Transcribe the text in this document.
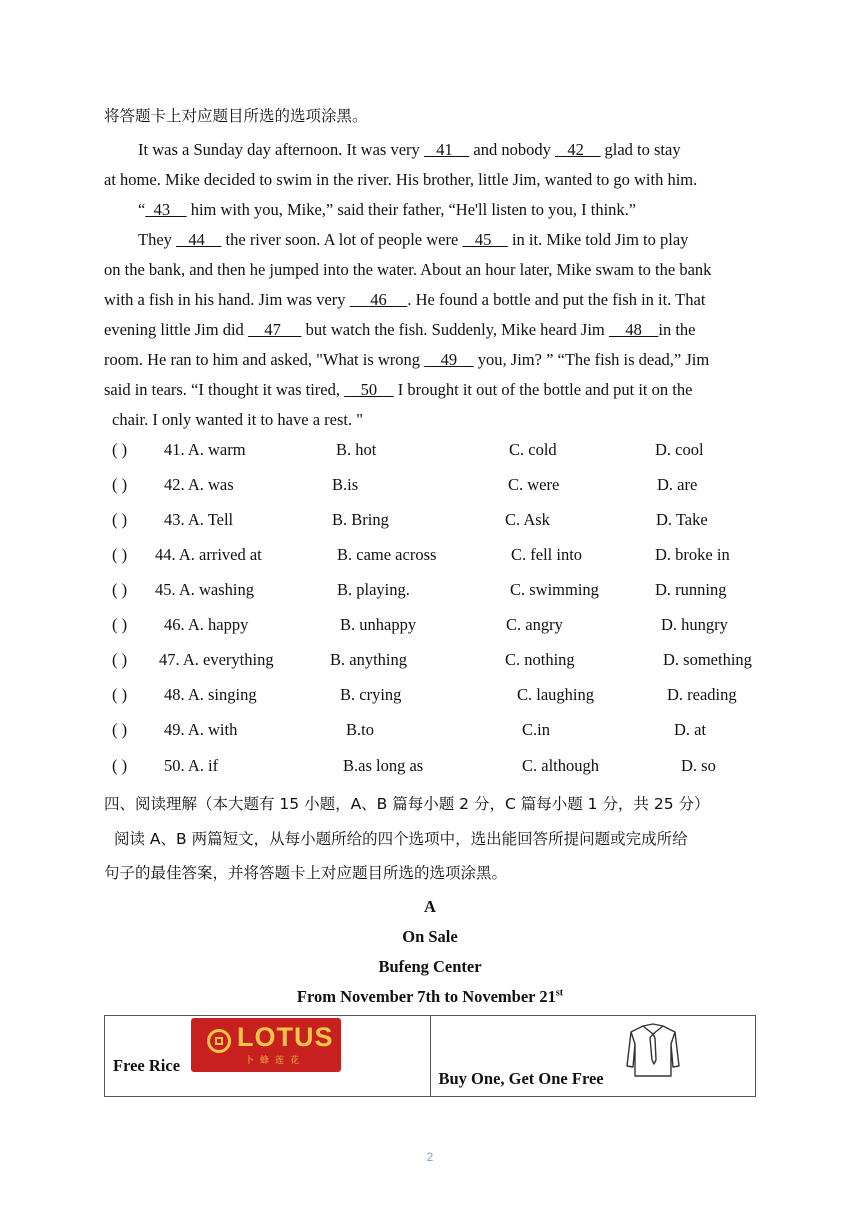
将答题卡上对应题目所选的选项涂黑。
It was a Sunday day afternoon. It was very    41     and nobody    42     glad to stay
at home. Mike decided to swim in the river. His brother, little Jim, wanted to go with him.
“  43     him with you, Mike,” said their father, “He'll listen to you, I think.”
They    44     the river soon. A lot of people were    45     in it. Mike told Jim to play
on the bank, and then he jumped into the water. About an hour later, Mike swam to the bank
with a fish in his hand. Jim was very      46     . He found a bottle and put the fish in it. That
evening little Jim did     47      but watch the fish. Suddenly, Mike heard Jim     48    in the
room. He ran to him and asked, "What is wrong     49     you, Jim? ” “The fish is dead,” Jim
said in tears. “I thought it was tired,     50     I brought it out of the bottle and put it on the
chair. I only wanted it to have a rest. "
( ) 41. A. warm	B. hot	C. cold	D. cool
( ) 42. A. was	B.is	C. were	D. are
( ) 43. A. Tell	B. Bring	C. Ask	D. Take
( ) 44. A. arrived at	B. came across	C. fell into	D. broke in
( ) 45. A. washing	B. playing.	C. swimming	D. running
( ) 46. A. happy	B. unhappy	C. angry	D. hungry
( ) 47. A. everything	B. anything	C. nothing	D. something
( ) 48. A. singing	B. crying	C. laughing	D. reading
( ) 49. A. with	B.to	C.in	D. at
( ) 50. A. if	B.as long as	C. although	D. so
四、阅读理解（本大题有 15 小题，A、B 篇每小题 2 分，C 篇每小题 1 分，共 25 分）
阅读 A、B 两篇短文，从每小题所给的四个选项中，选出能回答所提问题或完成所给
句子的最佳答案，并将答题卡上对应题目所选的选项涂黑。
A
On Sale
Bufeng Center
From November 7th to November 21st
Free Rice
LOTUS
卜蜂莲花

Buy One, Get One Free
2
